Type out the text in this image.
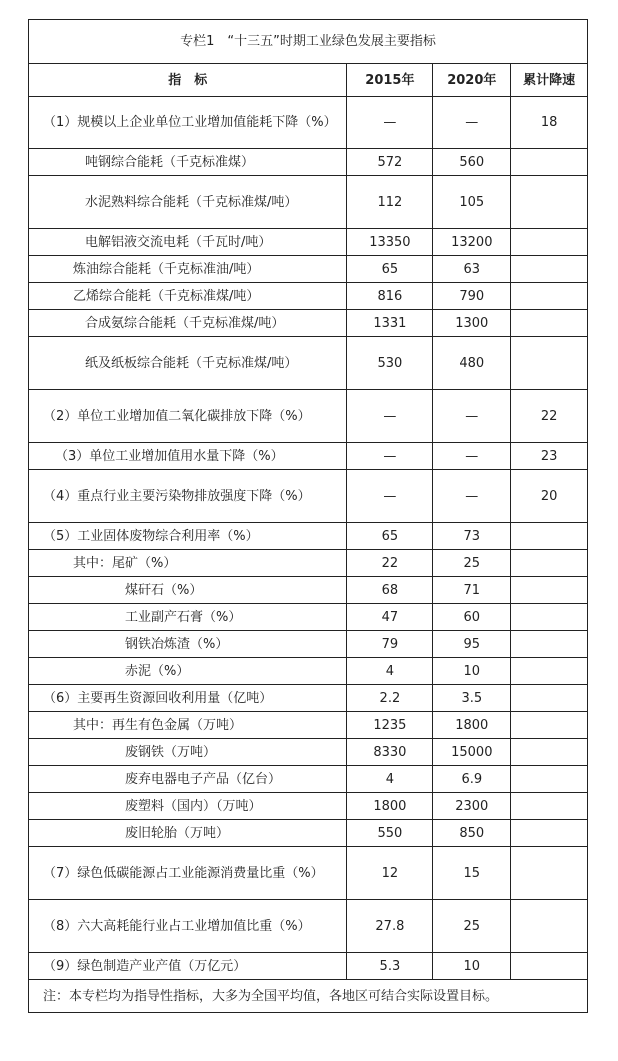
专栏1　“十三五”时期工业绿色发展主要指标			
指　标	2015年	2020年	累计降速
（1）规模以上企业单位工业增加值能耗下降（%）	—	—	18
吨钢综合能耗（千克标准煤）	572	560	
水泥熟料综合能耗（千克标准煤/吨）	112	105	
电解铝液交流电耗（千瓦时/吨）	13350	13200	
炼油综合能耗（千克标准油/吨）	65	63	
乙烯综合能耗（千克标准煤/吨）	816	790	
合成氨综合能耗（千克标准煤/吨）	1331	1300	
纸及纸板综合能耗（千克标准煤/吨）	530	480	
（2）单位工业增加值二氧化碳排放下降（%）	—	—	22
（3）单位工业增加值用水量下降（%）	—	—	23
（4）重点行业主要污染物排放强度下降（%）	—	—	20
（5）工业固体废物综合利用率（%）	65	73	
其中：尾矿（%）	22	25	
煤矸石（%）	68	71	
工业副产石膏（%）	47	60	
钢铁冶炼渣（%）	79	95	
赤泥（%）	4	10	
（6）主要再生资源回收利用量（亿吨）	2.2	3.5	
其中：再生有色金属（万吨）	1235	1800	
废钢铁（万吨）	8330	15000	
废弃电器电子产品（亿台）	4	6.9	
废塑料（国内）（万吨）	1800	2300	
废旧轮胎（万吨）	550	850	
（7）绿色低碳能源占工业能源消费量比重（%）	12	15	
（8）六大高耗能行业占工业增加值比重（%）	27.8	25	
（9）绿色制造产业产值（万亿元）	5.3	10	
注：本专栏均为指导性指标，大多为全国平均值，各地区可结合实际设置目标。			
